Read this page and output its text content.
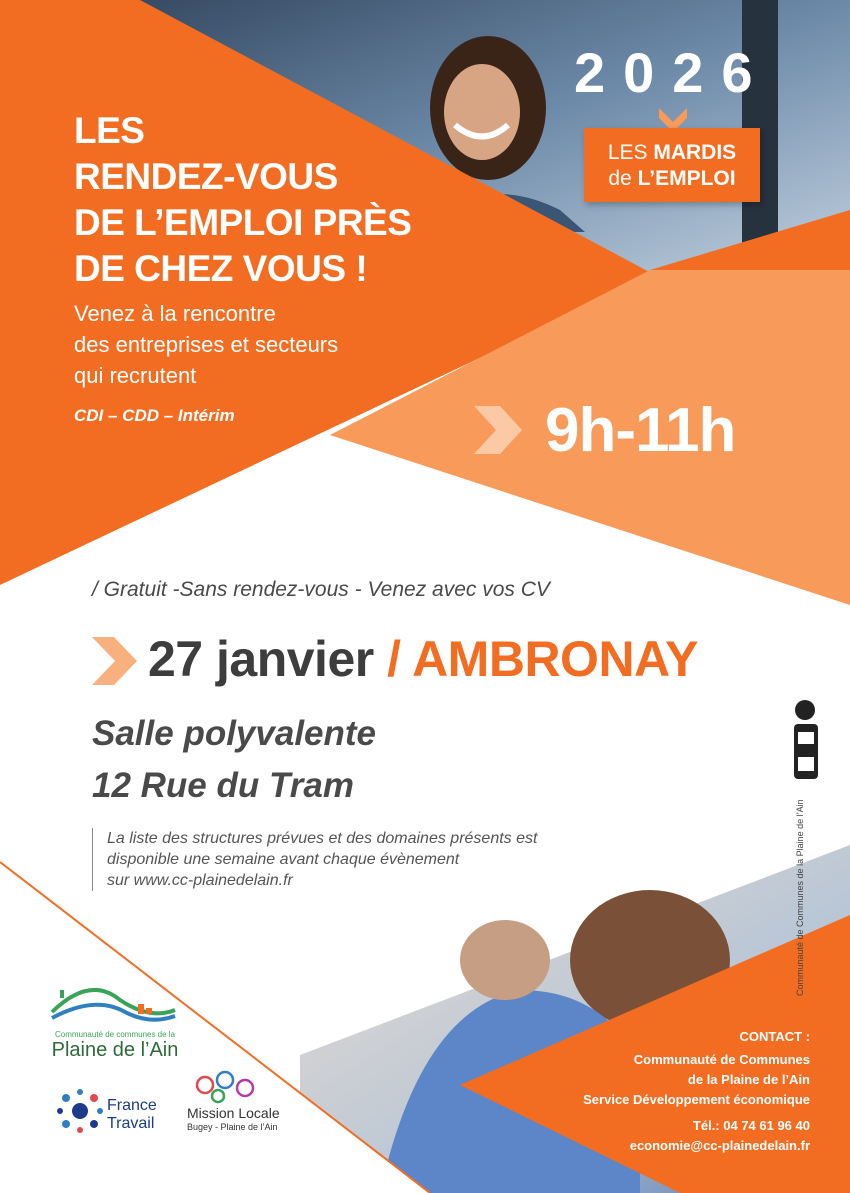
LES
RENDEZ-VOUS
DE L’EMPLOI PRÈS
DE CHEZ VOUS !
Venez à la rencontre
des entreprises et secteurs
qui recrutent
CDI – CDD – Intérim
2026
LES MARDIS
de L’EMPLOI
9h-11h
/ Gratuit -Sans rendez-vous - Venez avec vos CV
27 janvier / AMBRONAY
Salle polyvalente
12 Rue du Tram
La liste des structures prévues et des domaines présents est
disponible une semaine avant chaque évènement
sur www.cc-plainedelain.fr
CONTACT :
Communauté de Communes
de la Plaine de l’Ain
Service Développement économique
Tél.: 04 74 61 96 40
economie@cc-plainedelain.fr
Communauté de Communes de la Plaine de l’Ain
Communauté de communes de la
Plaine de l’Ain
France
Travail
Mission Locale
Bugey - Plaine de l’Ain
